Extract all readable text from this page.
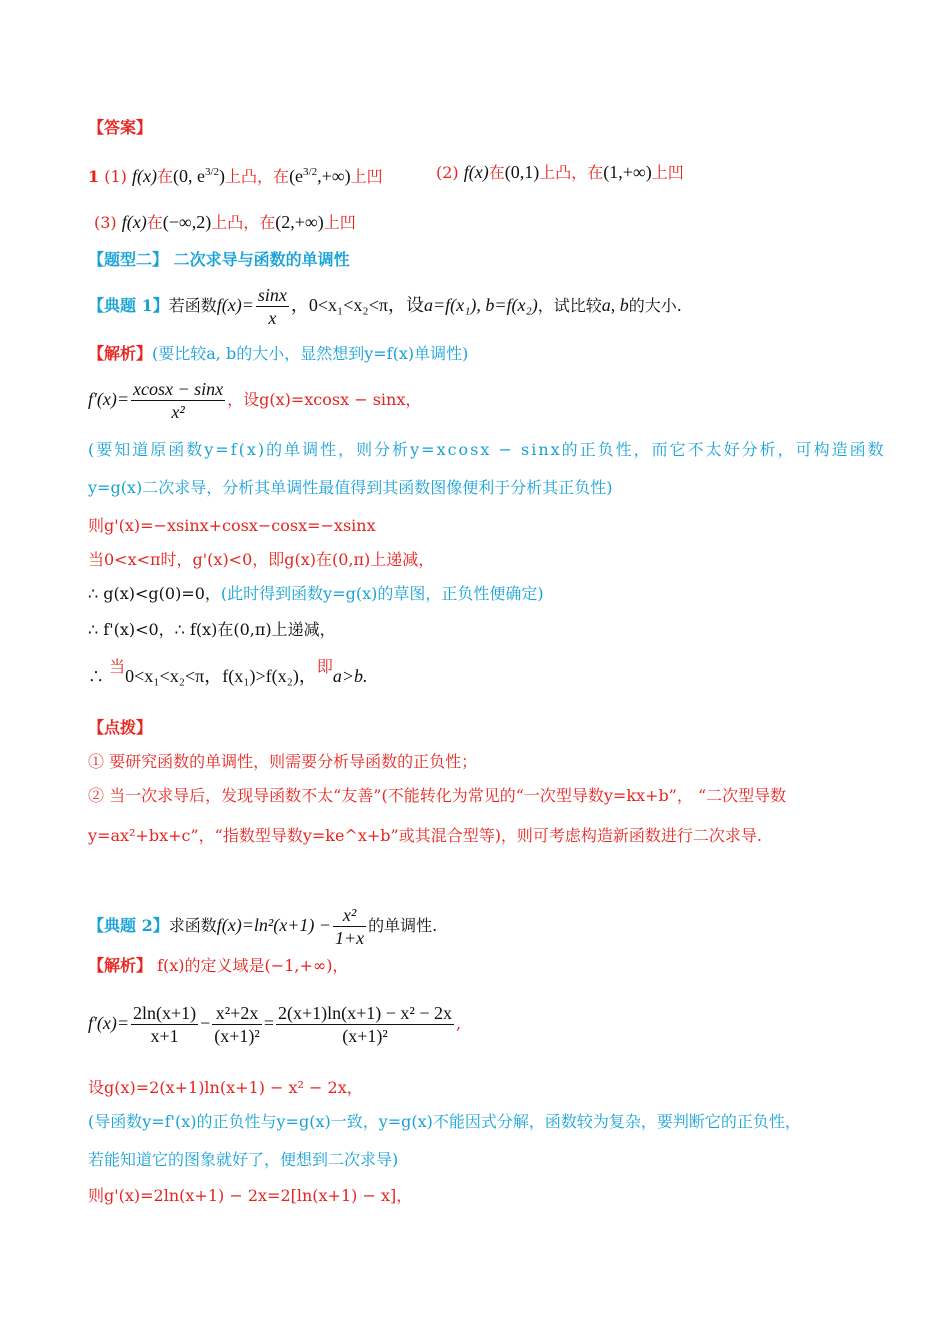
【答案】
1 (1) f(x)在(0, $e^{3/2}$)上凸，在$(e^{3/2},+\infty)$上凹	(2) f(x)在(0,1)上凸，在(1,+∞)上凹
(3) f(x)在(−∞,2)上凸，在(2,+∞)上凹
【题型二】 二次求导与函数的单调性
【典题 1】若函数$f(x)= \frac{\sin x}{x}$ ，0<x₁<x₂<π，设a=f(x₁), b=f(x₂)，试比较a, b的大小.
【解析】(要比较a, b的大小，显然想到y=f(x)单调性)
$f'(x)= \frac{xcosx - \sin x}{\text{x²}}$ ，设g(x)=xcosx − sinx，
(要知道原函数y=f(x)的单调性，则分析y=xcosx − sinx的正负性，而它不太好分析，可构造函数
y=g(x)二次求导，分析其单调性最值得到其函数图像便利于分析其正负性)
则g'(x)=−xsinx+cosx−cosx=−xsinx
当0<x<π时，g'(x)<0，即g(x)在(0,π)上递减，
∴ g(x)<g(0)=0，(此时得到函数y=g(x)的草图，正负性便确定)
∴ f'(x)<0，∴ f(x)在(0,π)上递减，
∴ 当0<x₁<x₂<π，f(x₁)>f(x₂)，即a>b.
【点拨】
① 要研究函数的单调性，则需要分析导函数的正负性；
② 当一次求导后，发现导函数不太“友善”(不能转化为常见的“一次型导数y=kx+b”， “二次型导数
y=ax²+bx+c”，“指数型导数y=ke^x+b”或其混合型等)，则可考虑构造新函数进行二次求导.
【典题 2】求函数$f(x)=\ln^2(x+1) - \frac{\text{x²}}{1+x}$ 的单调性.
【解析】 f(x)的定义域是(−1,+∞)，
$f'(x)= \frac{2\ln(x+1)}{x+1} - \frac{\text{x²+2x}}{\text{(x+1)²}} = \frac{\text{2(x+1)ln(x+1) − x² − 2x}}{\text{(x+1)²}}$ ,
设g(x)=2(x+1)ln(x+1) − x² − 2x，
(导函数y=f'(x)的正负性与y=g(x)一致，y=g(x)不能因式分解，函数较为复杂，要判断它的正负性，
若能知道它的图象就好了，便想到二次求导)
则g'(x)=2ln(x+1) − 2x=2[ln(x+1) − x]，
